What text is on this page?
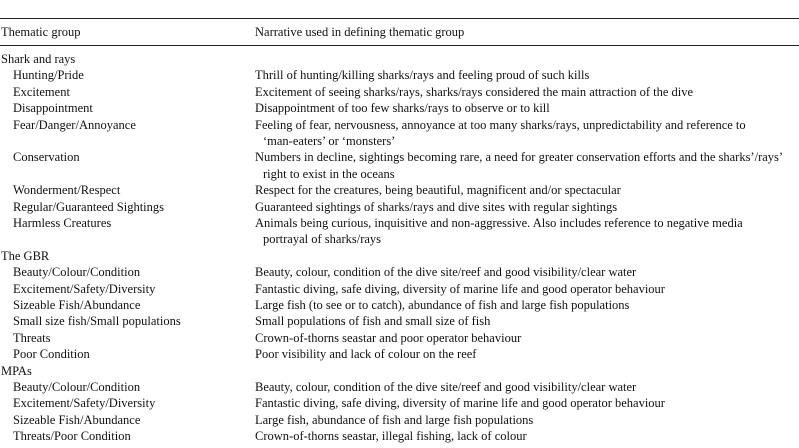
Thematic group	Narrative used in defining thematic group
Shark and rays
Hunting/Pride	Thrill of hunting/killing sharks/rays and feeling proud of such kills
Excitement	Excitement of seeing sharks/rays, sharks/rays considered the main attraction of the dive
Disappointment	Disappointment of too few sharks/rays to observe or to kill
Fear/Danger/Annoyance	Feeling of fear, nervousness, annoyance at too many sharks/rays, unpredictability and reference to
‘man-eaters’ or ‘monsters’
Conservation	Numbers in decline, sightings becoming rare, a need for greater conservation efforts and the sharks’/rays’
right to exist in the oceans
Wonderment/Respect	Respect for the creatures, being beautiful, magnificent and/or spectacular
Regular/Guaranteed Sightings	Guaranteed sightings of sharks/rays and dive sites with regular sightings
Harmless Creatures	Animals being curious, inquisitive and non-aggressive. Also includes reference to negative media
portrayal of sharks/rays
The GBR
Beauty/Colour/Condition	Beauty, colour, condition of the dive site/reef and good visibility/clear water
Excitement/Safety/Diversity	Fantastic diving, safe diving, diversity of marine life and good operator behaviour
Sizeable Fish/Abundance	Large fish (to see or to catch), abundance of fish and large fish populations
Small size fish/Small populations	Small populations of fish and small size of fish
Threats	Crown-of-thorns seastar and poor operator behaviour
Poor Condition	Poor visibility and lack of colour on the reef
MPAs
Beauty/Colour/Condition	Beauty, colour, condition of the dive site/reef and good visibility/clear water
Excitement/Safety/Diversity	Fantastic diving, safe diving, diversity of marine life and good operator behaviour
Sizeable Fish/Abundance	Large fish, abundance of fish and large fish populations
Threats/Poor Condition	Crown-of-thorns seastar, illegal fishing, lack of colour
